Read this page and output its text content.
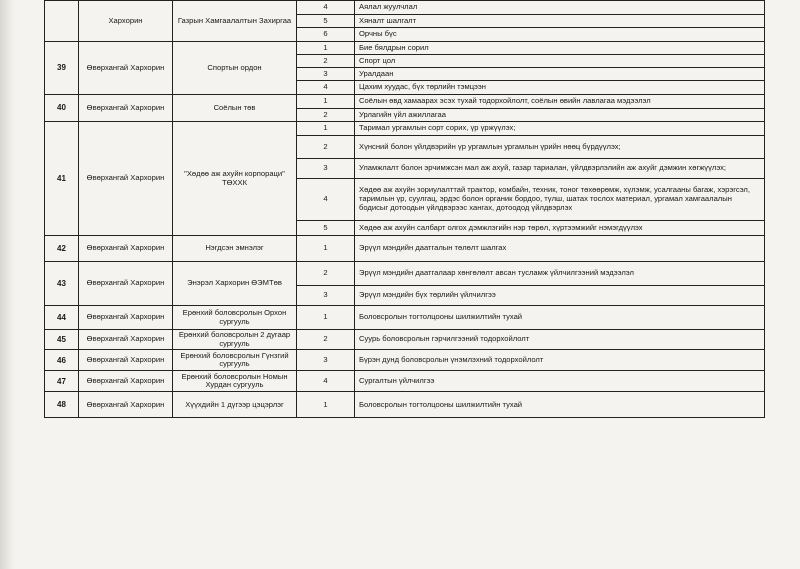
	Хархорин	Газрын Хамгаалалтын Захиргаа	4	Аялал жуулчлал
			5	Хяналт шалгалт
			6	Орчны бүс
39	Өвөрхангай Хархорин	Спортын ордон	1	Бие бялдрын сорил
			2	Спорт цол
			3	Уралдаан
			4	Цахим хуудас, бүх төрлийн тэмцээн
40	Өвөрхангай Хархорин	Соёлын төв	1	Соёлын өвд хамаарах эсэх тухай тодорхойлолт, соёлын өвийн лавлагаа мэдээлэл
			2	Урлагийн үйл ажиллагаа
41	Өвөрхангай Хархорин	"Хөдөө аж ахуйн корпораци" ТӨХХК	1	Таримал ургамлын сорт сорих, үр үржүүлэх;
			2	Хүнсний болон үйлдвэрийн үр ургамлын ургамлын үрийн нөөц бүрдүүлэх;
			3	Уламжлалт болон эрчимжсэн мал аж ахуй, газар тариалан, үйлдвэрлэлийн аж ахуйг дэмжин хөгжүүлэх;
			4	Хөдөө аж ахуйн зориулалттай трактор, комбайн, техник, тоног төхөөрөмж, хүлэмж, усалгааны багаж, хэрэгсэл, таримлын үр, суулгац, эрдэс болон органик бордоо, түлш, шатах тослох материал, ургамал хамгаалалын бодисыг дотоодын үйлдвэрээс хангах, дотоодод үйлдвэрлэх
			5	Хөдөө аж ахуйн салбарт олгох дэмжлэгийн нэр төрөл, хүртээмжийг нэмэгдүүлэх
42	Өвөрхангай Хархорин	Нэгдсэн эмнэлэг	1	Эрүүл мэндийн даатгалын төлөлт шалгах
43	Өвөрхангай Хархорин	Энэрэл Хархорин ӨЭМТөв	2	Эрүүл мэндийн даатгалаар хөнгөлөлт авсан тусламж үйлчилгээний мэдээлэл
			3	Эрүүл мэндийн бүх төрлийн үйлчилгээ
44	Өвөрхангай Хархорин	Ерөнхий боловсролын Орхон сургууль	1	Боловсролын тогтолцооны шилжилтийн тухай
45	Өвөрхангай Хархорин	Ерөнхий боловсролын 2 дугаар сургууль	2	Суурь боловсролын гэрчилгээний тодорхойлолт
46	Өвөрхангай Хархорин	Ерөнхий боловсролын Гүнзгий сургууль	3	Бүрэн дунд боловсролын үнэмлэхний тодорхойлолт
47	Өвөрхангай Хархорин	Ерөнхий боловсролын Номын Хурдан сургууль	4	Сургалтын үйлчилгээ
48	Өвөрхангай Хархорин	Хүүхдийн 1 дүгээр цэцэрлэг	1	Боловсролын тогтолцооны шилжилтийн тухай
